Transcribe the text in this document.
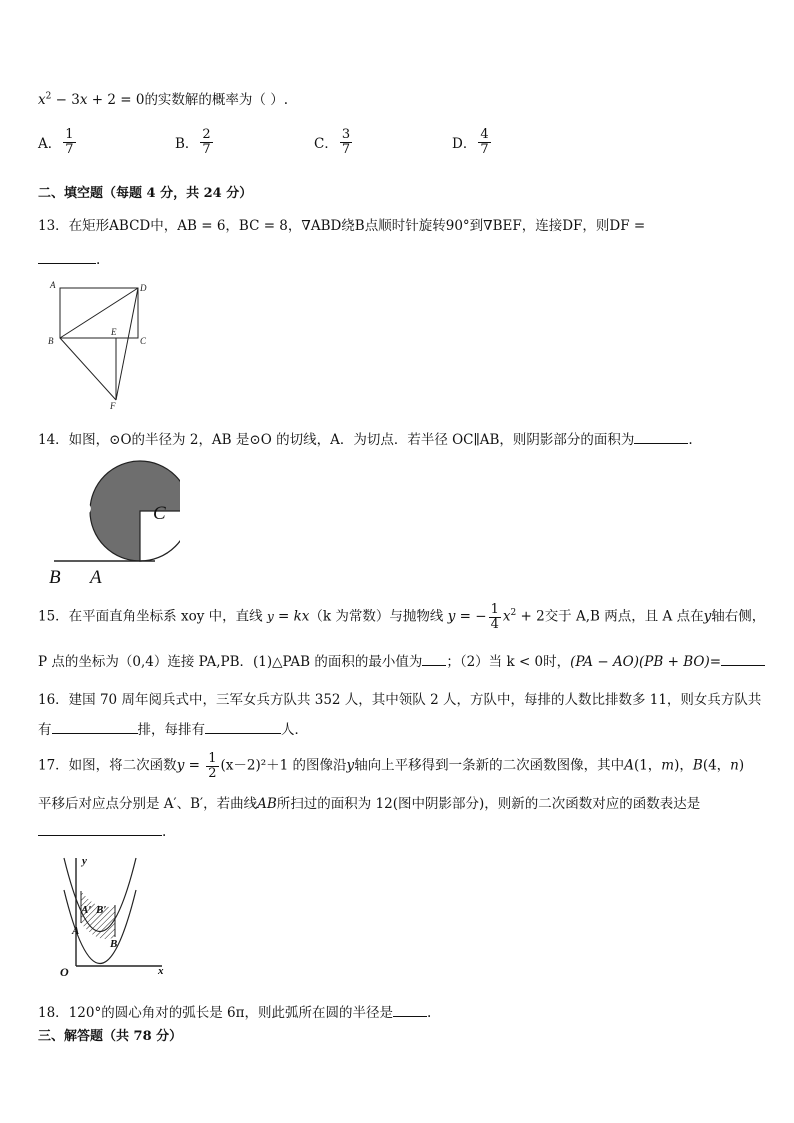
$x^2 - 3x + 2 = 0$的实数解的概率为（ ）.
A． $\frac{1}{7}$	B． $\frac{2}{7}$	C． $\frac{3}{7}$	D． $\frac{4}{7}$
二、填空题（每题 4 分，共 24 分）
13．在矩形ABCD中，AB = 6，BC = 8，∇ABD绕B点顺时针旋转90°到∇BEF，连接DF，则DF =
.
A	D
B
E
C
F
14．如图，⊙O的半径为 2，AB 是⊙O 的切线，A．为切点．若半径 OC∥AB，则阴影部分的面积为	.
O	C
B A
15．在平面直角坐标系 xoy 中，直线 y = kx（k 为常数）与抛物线 y = − $\frac{1}{4} x^2 + 2$交于 A,B 两点，且 A 点在y轴右侧，
P 点的坐标为（0,4）连接 PA,PB．(1)△PAB 的面积的最小值为 ；（2）当 k < 0时，(PA − AO)(PB + BO)=
16．建国 70 周年阅兵式中，三军女兵方队共 352 人，其中领队 2 人，方队中，每排的人数比排数多 11，则女兵方队共
有	排，每排有	人．
17．如图，将二次函数$y = \frac{1}{2} (x-2)^2+1$ 的图像沿y轴向上平移得到一条新的二次函数图像，其中A(1，m)，B(4，n)
平移后对应点分别是 A′、B′，若曲线AB所扫过的面积为 12(图中阴影部分)，则新的二次函数对应的函数表达是
.
y
x
O
A
B
A′ B′
18．120°的圆心角对的弧长是 6π，则此弧所在圆的半径是	.
三、解答题（共 78 分）
